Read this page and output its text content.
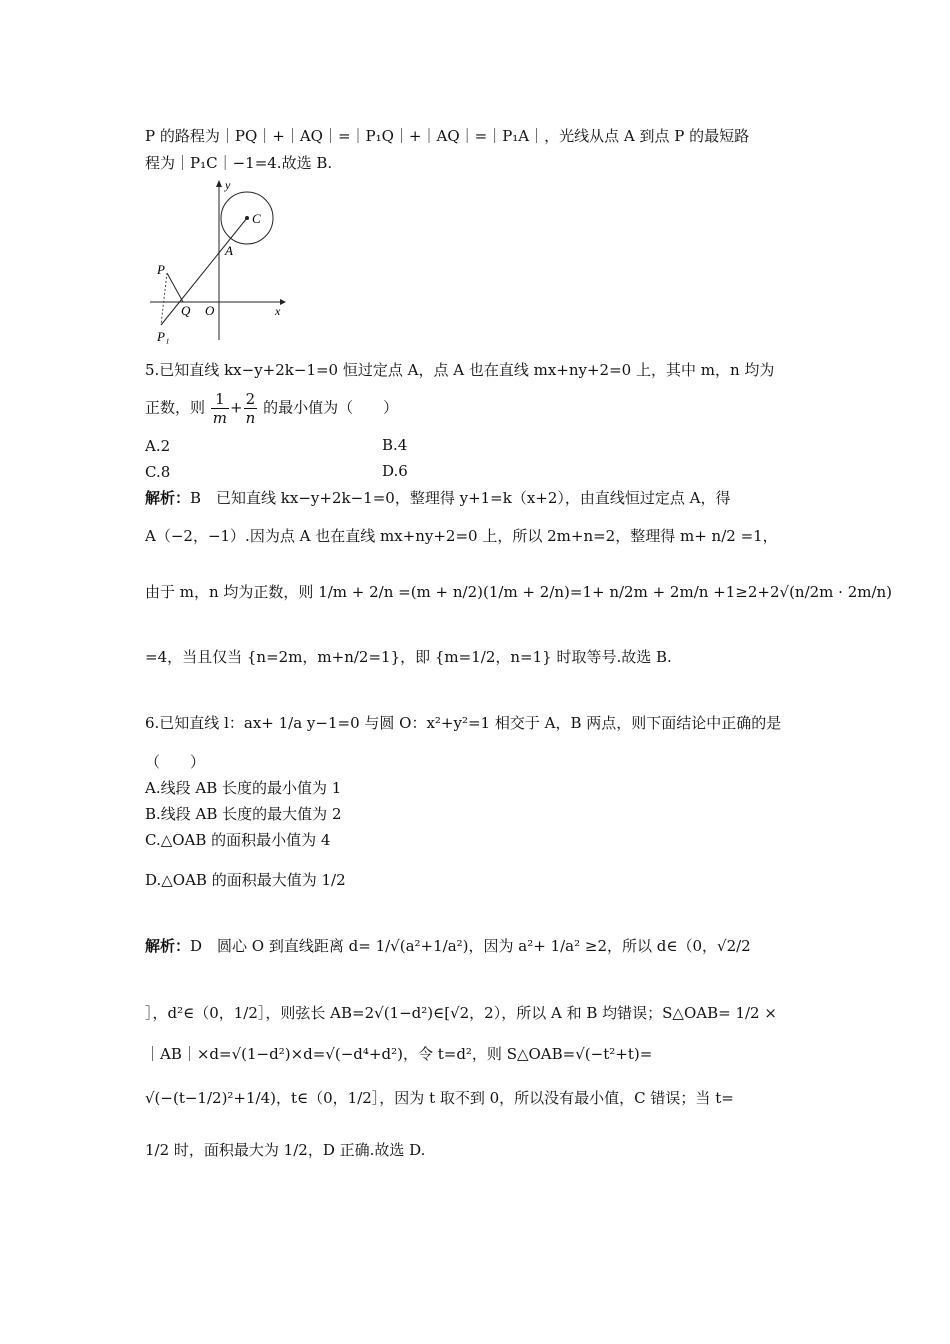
P 的路程为｜PQ｜+｜AQ｜=｜P₁Q｜+｜AQ｜=｜P₁A｜，光线从点 A 到点 P 的最短路
程为｜P₁C｜−1=4.故选 B.
y
x
C
A
P
Q O
P₁
5.已知直线 kx−y+2k−1=0 恒过定点 A，点 A 也在直线 mx+ny+2=0 上，其中 m，n 均为
正数，则 $\frac{1}{m} + \frac{2}{n}$ 的最小值为（　　）
A.2	B.4
C.8	D.6
解析：B　已知直线 kx−y+2k−1=0，整理得 y+1=k（x+2），由直线恒过定点 A，得
A（−2，−1）.因为点 A 也在直线 mx+ny+2=0 上，所以 2m+n=2，整理得 m+ n/2 =1，
由于 m，n 均为正数，则 1/m + 2/n =(m + n/2)(1/m + 2/n)=1+ n/2m + 2m/n +1≥2+2√(n/2m · 2m/n)
=4，当且仅当 {n=2m，m+n/2=1}，即 {m=1/2，n=1} 时取等号.故选 B.
6.已知直线 l：ax+ 1/a y−1=0 与圆 O：x²+y²=1 相交于 A，B 两点，则下面结论中正确的是
（　　）
A.线段 AB 长度的最小值为 1
B.线段 AB 长度的最大值为 2
C.△OAB 的面积最小值为 4
D.△OAB 的面积最大值为 1/2
解析：D　圆心 O 到直线距离 d= 1/√(a²+1/a²)，因为 a²+ 1/a² ≥2，所以 d∈（0，√2/2
］，d²∈（0，1/2］，则弦长 AB=2√(1−d²)∈[√2，2），所以 A 和 B 均错误；S△OAB= 1/2 ×
｜AB｜×d=√(1−d²)×d=√(−d⁴+d²)，令 t=d²，则 S△OAB=√(−t²+t)=
√(−(t−1/2)²+1/4)，t∈（0，1/2］，因为 t 取不到 0，所以没有最小值，C 错误；当 t=
1/2 时，面积最大为 1/2，D 正确.故选 D.
